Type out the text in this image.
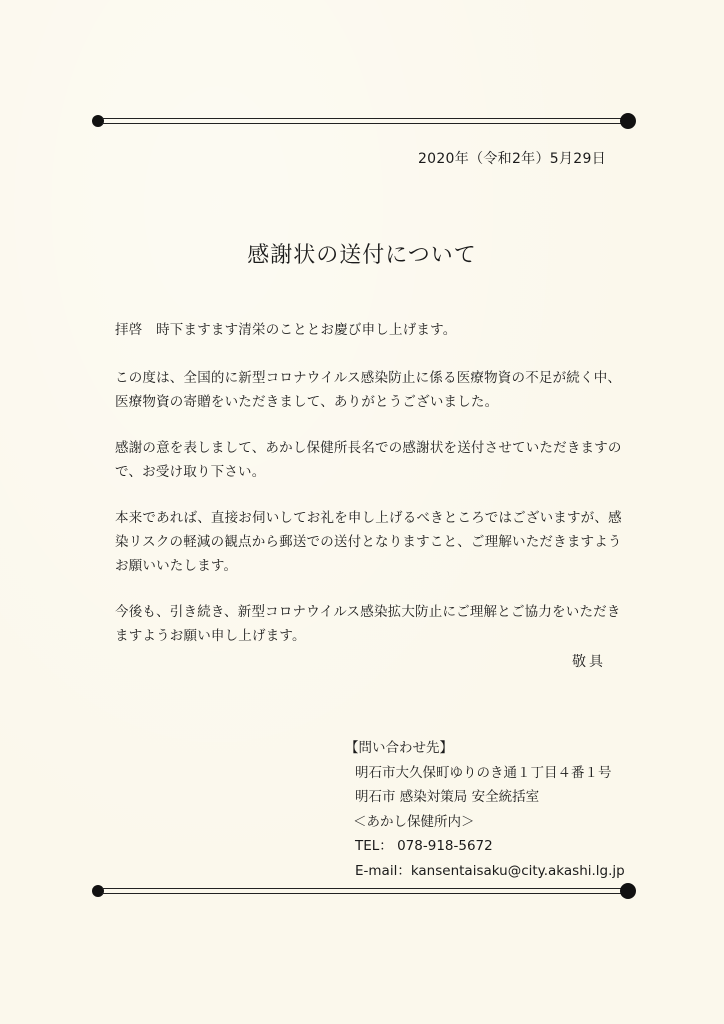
2020年（令和2年）5月29日
感謝状の送付について

拝啓　時下ますます清栄のこととお慶び申し上げます。

この度は、全国的に新型コロナウイルス感染防止に係る医療物資の不足が続く中、医療物資の寄贈をいただきまして、ありがとうございました。

感謝の意を表しまして、あかし保健所長名での感謝状を送付させていただきますので、お受け取り下さい。

本来であれば、直接お伺いしてお礼を申し上げるべきところではございますが、感染リスクの軽減の観点から郵送での送付となりますこと、ご理解いただきますようお願いいたします。

今後も、引き続き、新型コロナウイルス感染拡大防止にご理解とご協力をいただきますようお願い申し上げます。

敬具
【問い合わせ先】
明石市大久保町ゆりのき通１丁目４番１号
明石市 感染対策局 安全統括室
＜あかし保健所内＞
TEL： 078-918-5672
E-mail：kansentaisaku@city.akashi.lg.jp
